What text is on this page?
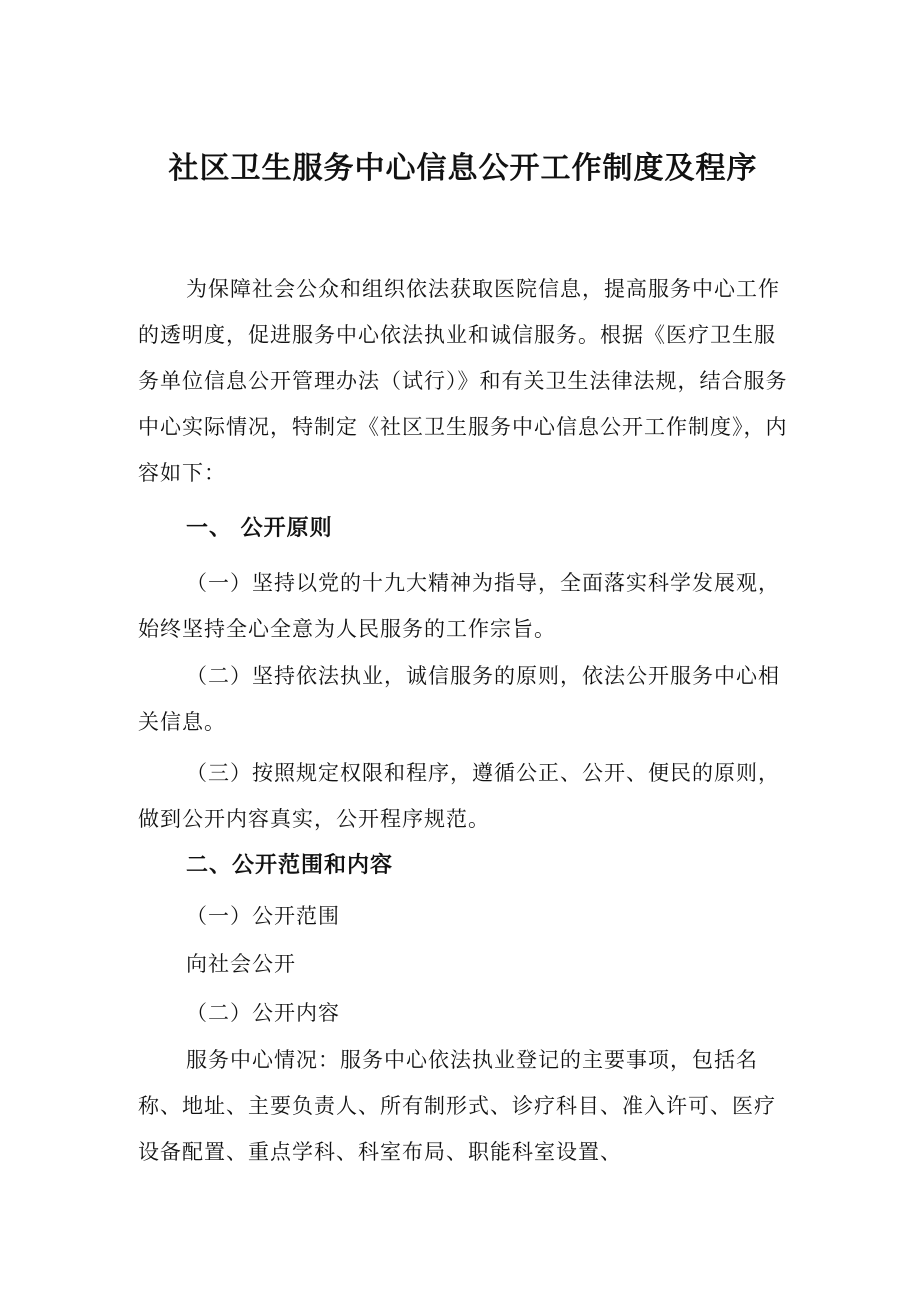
社区卫生服务中心信息公开工作制度及程序

为保障社会公众和组织依法获取医院信息，提高服务中心工作的透明度，促进服务中心依法执业和诚信服务。根据《医疗卫生服务单位信息公开管理办法（试行）》和有关卫生法律法规，结合服务中心实际情况，特制定《社区卫生服务中心信息公开工作制度》，内容如下：

一、 公开原则

（一）坚持以党的十九大精神为指导，全面落实科学发展观，始终坚持全心全意为人民服务的工作宗旨。

（二）坚持依法执业，诚信服务的原则，依法公开服务中心相关信息。

（三）按照规定权限和程序，遵循公正、公开、便民的原则，做到公开内容真实，公开程序规范。

二、公开范围和内容
（一）公开范围
向社会公开
（二）公开内容

服务中心情况：服务中心依法执业登记的主要事项，包括名称、地址、主要负责人、所有制形式、诊疗科目、准入许可、医疗设备配置、重点学科、科室布局、职能科室设置、
